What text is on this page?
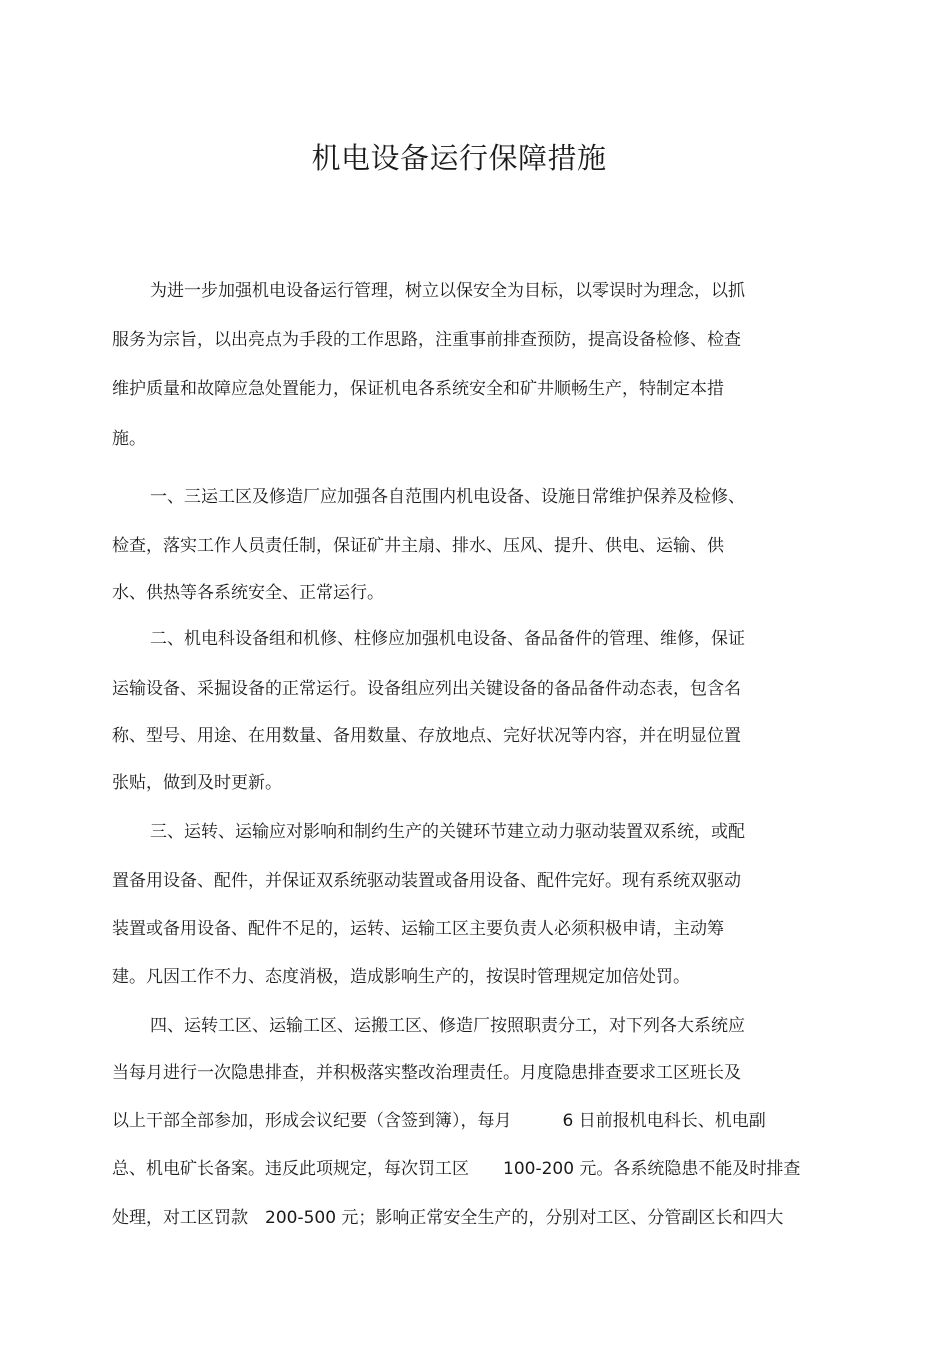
机电设备运行保障措施
为进一步加强机电设备运行管理，树立以保安全为目标，以零误时为理念，以抓
服务为宗旨，以出亮点为手段的工作思路，注重事前排查预防，提高设备检修、检查
维护质量和故障应急处置能力，保证机电各系统安全和矿井顺畅生产，特制定本措
施。
一、三运工区及修造厂应加强各自范围内机电设备、设施日常维护保养及检修、
检查，落实工作人员责任制，保证矿井主扇、排水、压风、提升、供电、运输、供
水、供热等各系统安全、正常运行。
二、机电科设备组和机修、柱修应加强机电设备、备品备件的管理、维修，保证
运输设备、采掘设备的正常运行。设备组应列出关键设备的备品备件动态表，包含名
称、型号、用途、在用数量、备用数量、存放地点、完好状况等内容，并在明显位置
张贴，做到及时更新。
三、运转、运输应对影响和制约生产的关键环节建立动力驱动装置双系统，或配
置备用设备、配件，并保证双系统驱动装置或备用设备、配件完好。现有系统双驱动
装置或备用设备、配件不足的，运转、运输工区主要负责人必须积极申请，主动筹
建。凡因工作不力、态度消极，造成影响生产的，按误时管理规定加倍处罚。
四、运转工区、运输工区、运搬工区、修造厂按照职责分工，对下列各大系统应
当每月进行一次隐患排查，并积极落实整改治理责任。月度隐患排查要求工区班长及
以上干部全部参加，形成会议纪要（含签到簿），每月　　　6 日前报机电科长、机电副
总、机电矿长备案。违反此项规定，每次罚工区　　100-200 元。各系统隐患不能及时排查
处理，对工区罚款　200-500 元；影响正常安全生产的，分别对工区、分管副区长和四大
